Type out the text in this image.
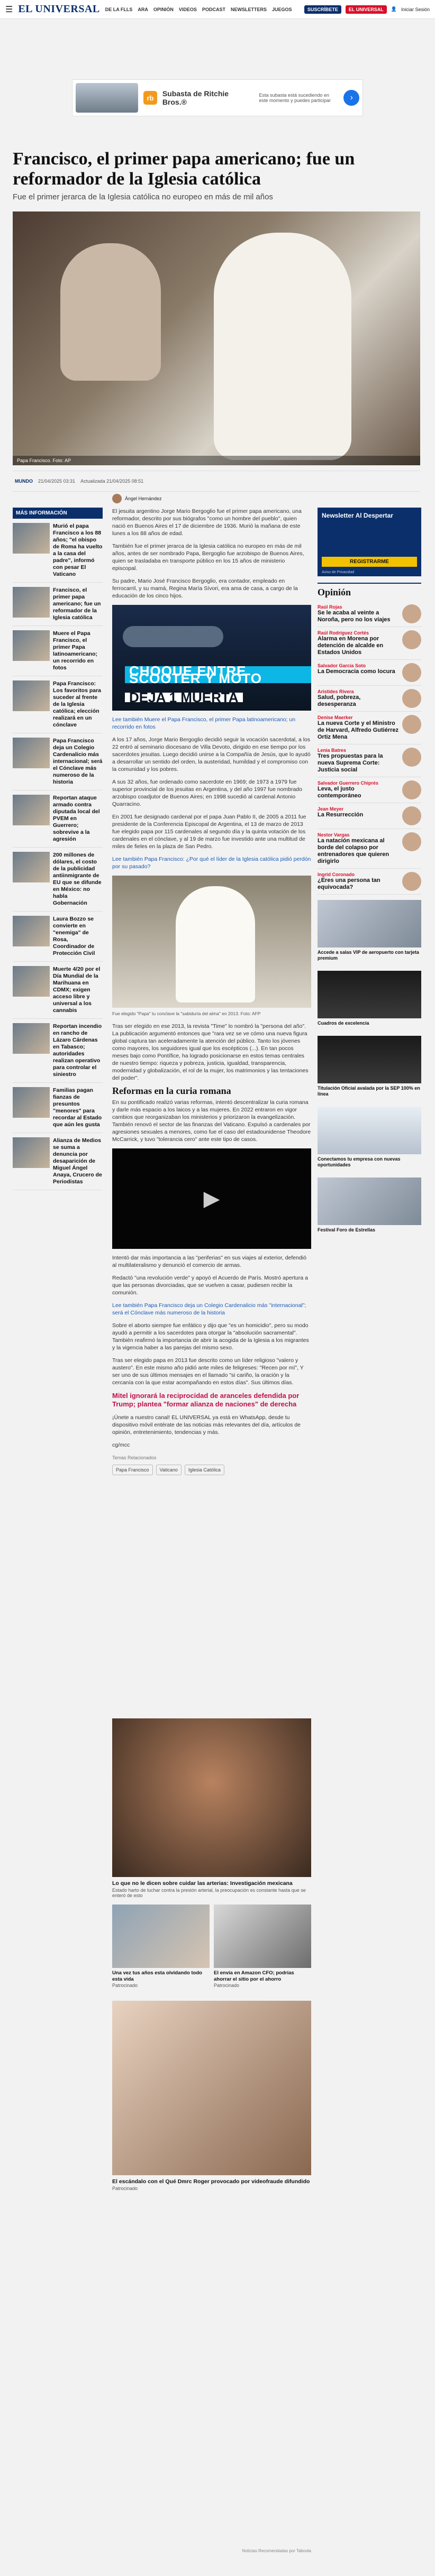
☰ EL UNIVERSAL DE LA FLLS ARA OPINIÓN VIDEOS PODCAST NEWSLETTERS JUEGOS	SUSCRÍBETE	EL UNIVERSAL	👤 Iniciar Sesión
rb	Subasta de Ritchie Bros.®
Esta subasta está sucediendo en este momento y puedes participar	›
Francisco, el primer papa americano; fue un reformador de la Iglesia católica
Fue el primer jerarca de la Iglesia católica no europeo en más de mil años
Papa Francisco. Foto: AP
MUNDO 21/04/2025 03:31 Actualizada 21/04/2025 08:51
Ángel Hernández
MÁS INFORMACIÓN
Murió el papa Francisco a los 88 años; "el obispo de Roma ha vuelto a la casa del padre", informó con pesar El Vaticano
Francisco, el primer papa americano; fue un reformador de la Iglesia católica
Muere el Papa Francisco, el primer Papa latinoamericano; un recorrido en fotos
Papa Francisco: Los favoritos para suceder al frente de la Iglesia católica; elección realizará en un cónclave
Papa Francisco deja un Colegio Cardenalicio más internacional; será el Cónclave más numeroso de la historia
Reportan ataque armado contra diputada local del PVEM en Guerrero; sobrevive a la agresión
200 millones de dólares, el costo de la publicidad antiinmigrante de EU que se difunde en México: no habla Gobernación
Laura Bozzo se convierte en "enemiga" de Rosa, Coordinador de Protección Civil
Muerte 4/20 por el Día Mundial de la Marihuana en CDMX; exigen acceso libre y universal a los cannabis
Reportan incendio en rancho de Lázaro Cárdenas en Tabasco; autoridades realizan operativo para controlar el siniestro
Familias pagan fianzas de presuntos "menores" para recordar al Estado que aún les gusta
Alianza de Medios se suma a denuncia por desaparición de Miguel Ángel Anaya, Crucero de Periodistas

El jesuita argentino Jorge Mario Bergoglio fue el primer papa americano, una reformador, descrito por sus biógrafos "como un hombre del pueblo", quien nació en Buenos Aires el 17 de diciembre de 1936. Murió la mañana de este lunes a los 88 años de edad.

También fue el primer jerarca de la Iglesia católica no europeo en más de mil años, antes de ser nombrado Papa, Bergoglio fue arzobispo de Buenos Aires, quien se trasladaba en transporte público en los 15 años de ministerio episcopal.

Su padre, Mario José Francisco Bergoglio, era contador, empleado en ferrocarril, y su mamá, Regina María Sívori, era ama de casa, a cargo de la educación de los cinco hijos.

CHOQUE ENTRE SCOOTER Y MOTO
DEJA 1 MUERTA

Lee también Muere el Papa Francisco, el primer Papa latinoamericano; un recorrido en fotos

A los 17 años, Jorge Mario Bergoglio decidió seguir la vocación sacerdotal, a los 22 entró al seminario diocesano de Villa Devoto, dirigido en ese tiempo por los sacerdotes jesuitas. Luego decidió unirse a la Compañía de Jesús, que lo ayudó a desarrollar un sentido del orden, la austeridad, humildad y el compromiso con la comunidad y los pobres.

A sus 32 años, fue ordenado como sacerdote en 1969; de 1973 a 1979 fue superior provincial de los jesuitas en Argentina, y del año 1997 fue nombrado arzobispo coadjutor de Buenos Aires; en 1998 sucedió al cardenal Antonio Quarracino.

En 2001 fue designado cardenal por el papa Juan Pablo II, de 2005 a 2011 fue presidente de la Conferencia Episcopal de Argentina, el 13 de marzo de 2013 fue elegido papa por 115 cardenales al segundo día y la quinta votación de los cardenales en el cónclave, y al 19 de marzo fue investido ante una multitud de miles de fieles en la plaza de San Pedro.

Lee también Papa Francisco: ¿Por qué el líder de la Iglesia católica pidió perdón por su pasado?

Fue elegido "Papa" tu conclave la "sabiduría del alma" en 2013. Foto: AFP

Tras ser elegido en ese 2013, la revista "Time" lo nombró la "persona del año". La publicación argumentó entonces que "rara vez se ve cómo una nueva figura global captura tan aceleradamente la atención del público. Tanto los jóvenes como mayores, los seguidores igual que los escépticos (...). En tan pocos meses bajo como Pontífice, ha logrado posicionarse en estos temas centrales de nuestro tiempo: riqueza y pobreza, justicia, igualdad, transparencia, modernidad y globalización, el rol de la mujer, los matrimonios y las tentaciones del poder".

Reformas en la curia romana

En su pontificado realizó varias reformas, intentó descentralizar la curia romana y darle más espacio a los laicos y a las mujeres. En 2022 entraron en vigor cambios que reorganizaban los ministerios y priorizaron la evangelización. También renovó el sector de las finanzas del Vaticano. Expulsó a cardenales por agresiones sexuales a menores, como fue el caso del estadounidense Theodore McCarrick, y tuvo "tolerancia cero" ante este tipo de casos.

▶

Intentó dar más importancia a las "periferias" en sus viajes al exterior, defendió al multilateralismo y denunció el comercio de armas.

Redactó "una revolución verde" y apoyó el Acuerdo de París. Mostró apertura a que las personas divorciadas, que se vuelven a casar, pudiesen recibir la comunión.

Lee también Papa Francisco deja un Colegio Cardenalicio más "internacional"; será el Cónclave más numeroso de la historia

Sobre el aborto siempre fue enfático y dijo que "es un homicidio", pero su modo ayudó a permitir a los sacerdotes para otorgar la "absolución sacramental". También reafirmó la importancia de abrir la acogida de la Iglesia a los migrantes y la vigencia haber a las parejas del mismo sexo.

Tras ser elegido papa en 2013 fue descrito como un líder religioso "valero y austero". En este mismo año pidió ante miles de feligreses: "Recen por mí", Y ser uno de sus últimos mensajes en el llamado "si cariño, la oración y la cercanía con la que estar acompañando en estos días". Sus últimos días.

Mitel ignorará la reciprocidad de aranceles defendida por Trump; plantea "formar alianza de naciones" de derecha

¡Únete a nuestro canal! EL UNIVERSAL ya está en WhatsApp, desde tu dispositivo móvil entérate de las noticias más relevantes del día, artículos de opinión, entretenimiento, tendencias y más.

cg/mcc

Temas Relacionados
Papa Francisco	Vaticano	Iglesia Católica
Newsletter Al Despertar
REGISTRARME
Aviso de Privacidad
Opinión
Raúl Rojas
Se le acaba al veinte a Noroña, pero no los viajes
Raúl Rodríguez Cortés
Alarma en Morena por detención de alcalde en Estados Unidos
Salvador García Soto
La Democracia como locura
Aristides Rivera
Salud, pobreza, desesperanza
Denise Maerker
La nueva Corte y el Ministro de Harvard, Alfredo Gutiérrez Ortiz Mena
Lenia Batres
Tres propuestas para la nueva Suprema Corte: Justicia social
Salvador Guerrero Chiprés
Leva, el justo contemporáneo
Jean Meyer
La Resurrección
Nestor Vargas
La natación mexicana al borde del colapso por entrenadores que quieren dirigirlo
Ingrid Coronado
¿Eres una persona tan equivocada?
Accede a salas VIP de aeropuerto con tarjeta premium
Cuadros de excelencia
Titulación Oficial avalada por la SEP 100% en línea
Conectamos tu empresa con nuevas oportunidades
Festival Foro de Estrellas
Lo que no le dicen sobre cuidar las arterias: Investigación mexicana
Estado harto de luchar contra la presión arterial, la preocupación es constante hasta que se enteró de esto
Una vez tus años esta olvidando todo esta vida
Patrocinado
El envía en Amazon CFO; podrías ahorrar el sitio por el ahorro
Patrocinado
El escándalo con el Qué Dmrc Roger provocado por videofraude difundido
Patrocinado
Noticias Recomendadas por Taboola
